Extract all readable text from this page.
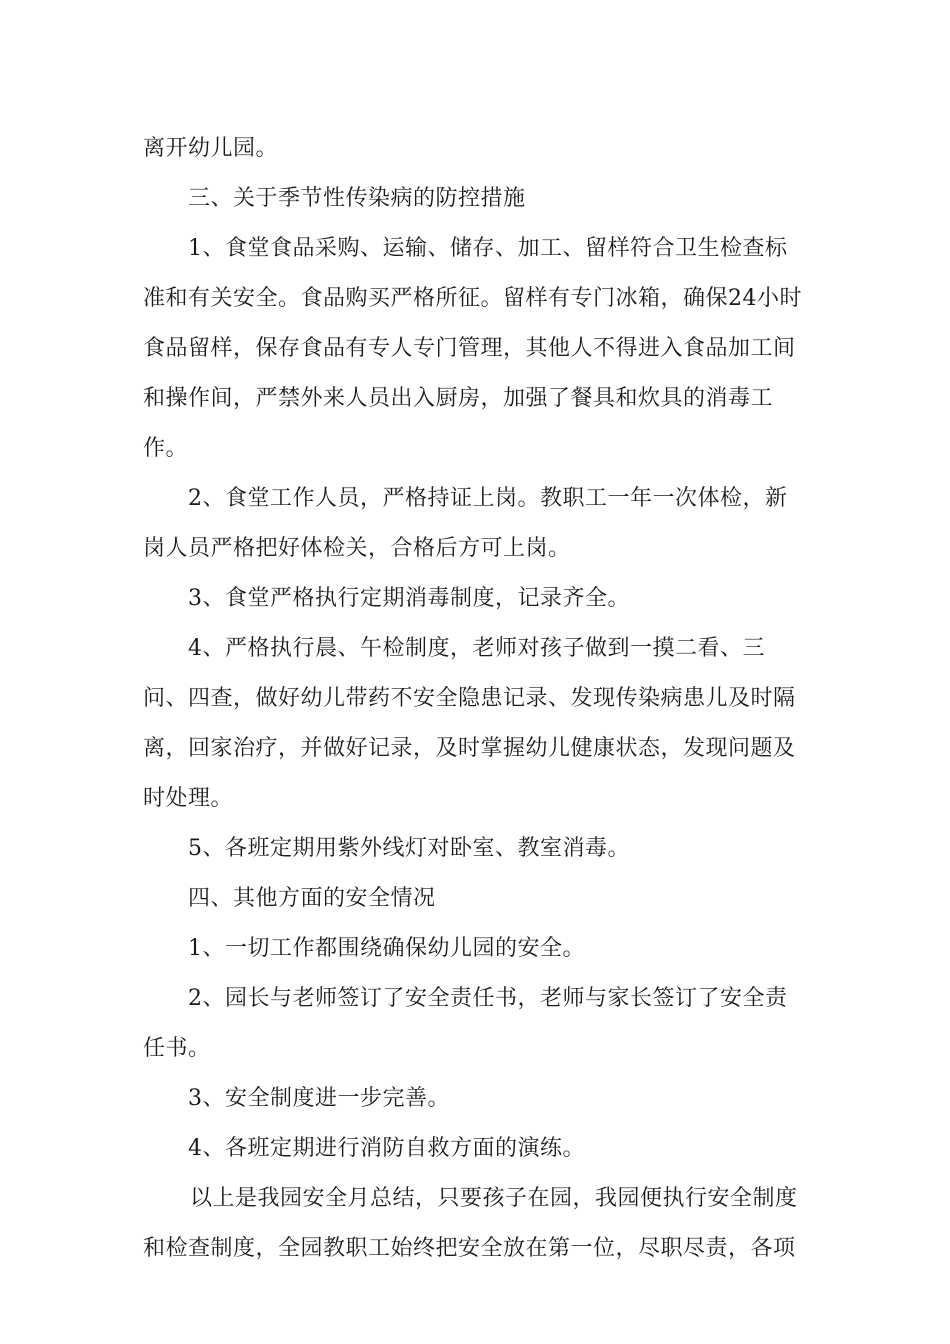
离开幼儿园。

三、关于季节性传染病的防控措施

1、食堂食品采购、运输、储存、加工、留样符合卫生检查标准和有关安全。食品购买严格所征。留样有专门冰箱，确保24小时食品留样，保存食品有专人专门管理，其他人不得进入食品加工间和操作间，严禁外来人员出入厨房，加强了餐具和炊具的消毒工作。

2、食堂工作人员，严格持证上岗。教职工一年一次体检，新岗人员严格把好体检关，合格后方可上岗。

3、食堂严格执行定期消毒制度，记录齐全。

4、严格执行晨、午检制度，老师对孩子做到一摸二看、三问、四查，做好幼儿带药不安全隐患记录、发现传染病患儿及时隔离，回家治疗，并做好记录，及时掌握幼儿健康状态，发现问题及时处理。

5、各班定期用紫外线灯对卧室、教室消毒。

四、其他方面的安全情况

1、一切工作都围绕确保幼儿园的安全。

2、园长与老师签订了安全责任书，老师与家长签订了安全责任书。

3、安全制度进一步完善。

4、各班定期进行消防自救方面的演练。

以上是我园安全月总结，只要孩子在园，我园便执行安全制度和检查制度，全园教职工始终把安全放在第一位，尽职尽责，各项
